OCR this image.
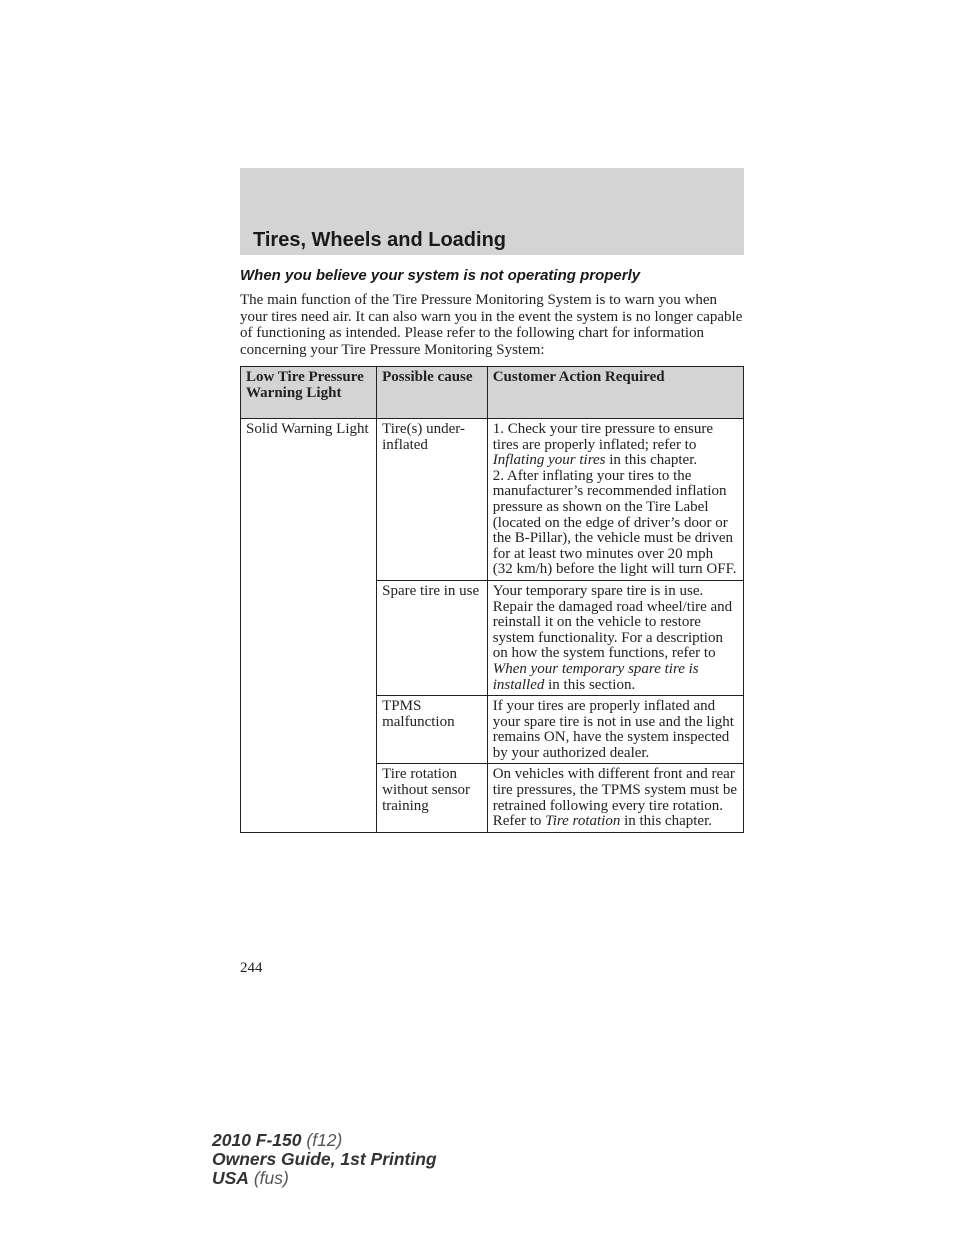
Tires, Wheels and Loading
When you believe your system is not operating properly

The main function of the Tire Pressure Monitoring System is to warn you when your tires need air. It can also warn you in the event the system is no longer capable of functioning as intended. Please refer to the following chart for information concerning your Tire Pressure Monitoring System:

Low Tire Pressure Warning Light	Possible cause	Customer Action Required
Solid Warning Light	Tire(s) under-inflated	1. Check your tire pressure to ensure tires are properly inflated; refer to Inflating your tires in this chapter.
2. After inflating your tires to the manufacturer’s recommended inflation pressure as shown on the Tire Label (located on the edge of driver’s door or the B-Pillar), the vehicle must be driven for at least two minutes over 20 mph
(32 km/h) before the light will turn OFF.
	Spare tire in use	Your temporary spare tire is in use. Repair the damaged road wheel/tire and reinstall it on the vehicle to restore system functionality. For a description on how the system functions, refer to When your temporary spare tire is installed in this section.
	TPMS malfunction	If your tires are properly inflated and your spare tire is not in use and the light remains ON, have the system inspected by your authorized dealer.
	Tire rotation without sensor training	On vehicles with different front and rear tire pressures, the TPMS system must be retrained following every tire rotation. Refer to Tire rotation in this chapter.
244
2010 F-150 (f12)
Owners Guide, 1st Printing
USA (fus)
